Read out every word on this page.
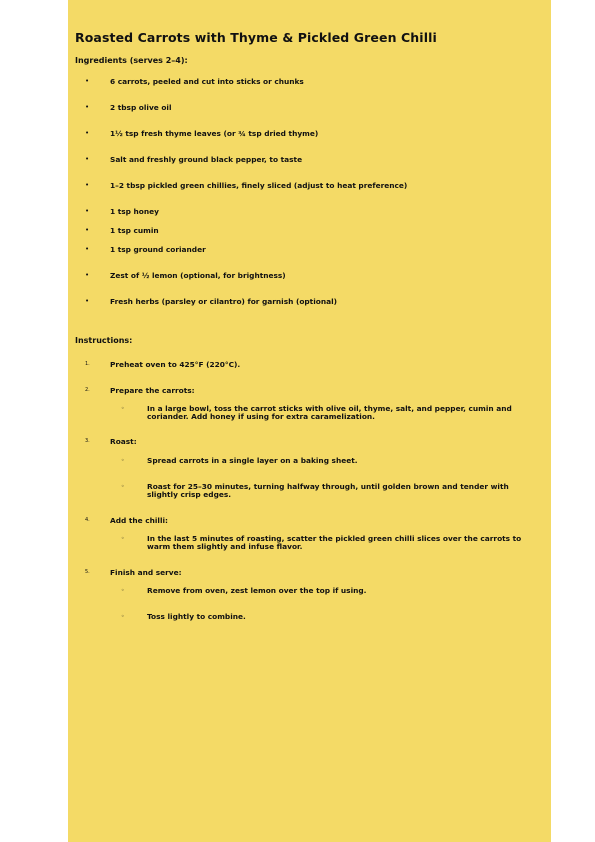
Roasted Carrots with Thyme & Pickled Green Chilli
Ingredients (serves 2–4):
•	6 carrots, peeled and cut into sticks or chunks
•	2 tbsp olive oil
•	1½ tsp fresh thyme leaves (or ¾ tsp dried thyme)
•	Salt and freshly ground black pepper, to taste
•	1–2 tbsp pickled green chillies, finely sliced (adjust to heat preference)
•	1 tsp honey
•	1 tsp cumin
•	1 tsp ground coriander
•	Zest of ½ lemon (optional, for brightness)
•	Fresh herbs (parsley or cilantro) for garnish (optional)
Instructions:
1.	Preheat oven to 425°F (220°C).
2.	Prepare the carrots:
◦	In a large bowl, toss the carrot sticks with olive oil, thyme, salt, and pepper, cumin and coriander. Add honey if using for extra caramelization.
3.	Roast:
◦	Spread carrots in a single layer on a baking sheet.
◦	Roast for 25–30 minutes, turning halfway through, until golden brown and tender with slightly crisp edges.
4.	Add the chilli:
◦	In the last 5 minutes of roasting, scatter the pickled green chilli slices over the carrots to warm them slightly and infuse flavor.
5.	Finish and serve:
◦	Remove from oven, zest lemon over the top if using.
◦	Toss lightly to combine.
